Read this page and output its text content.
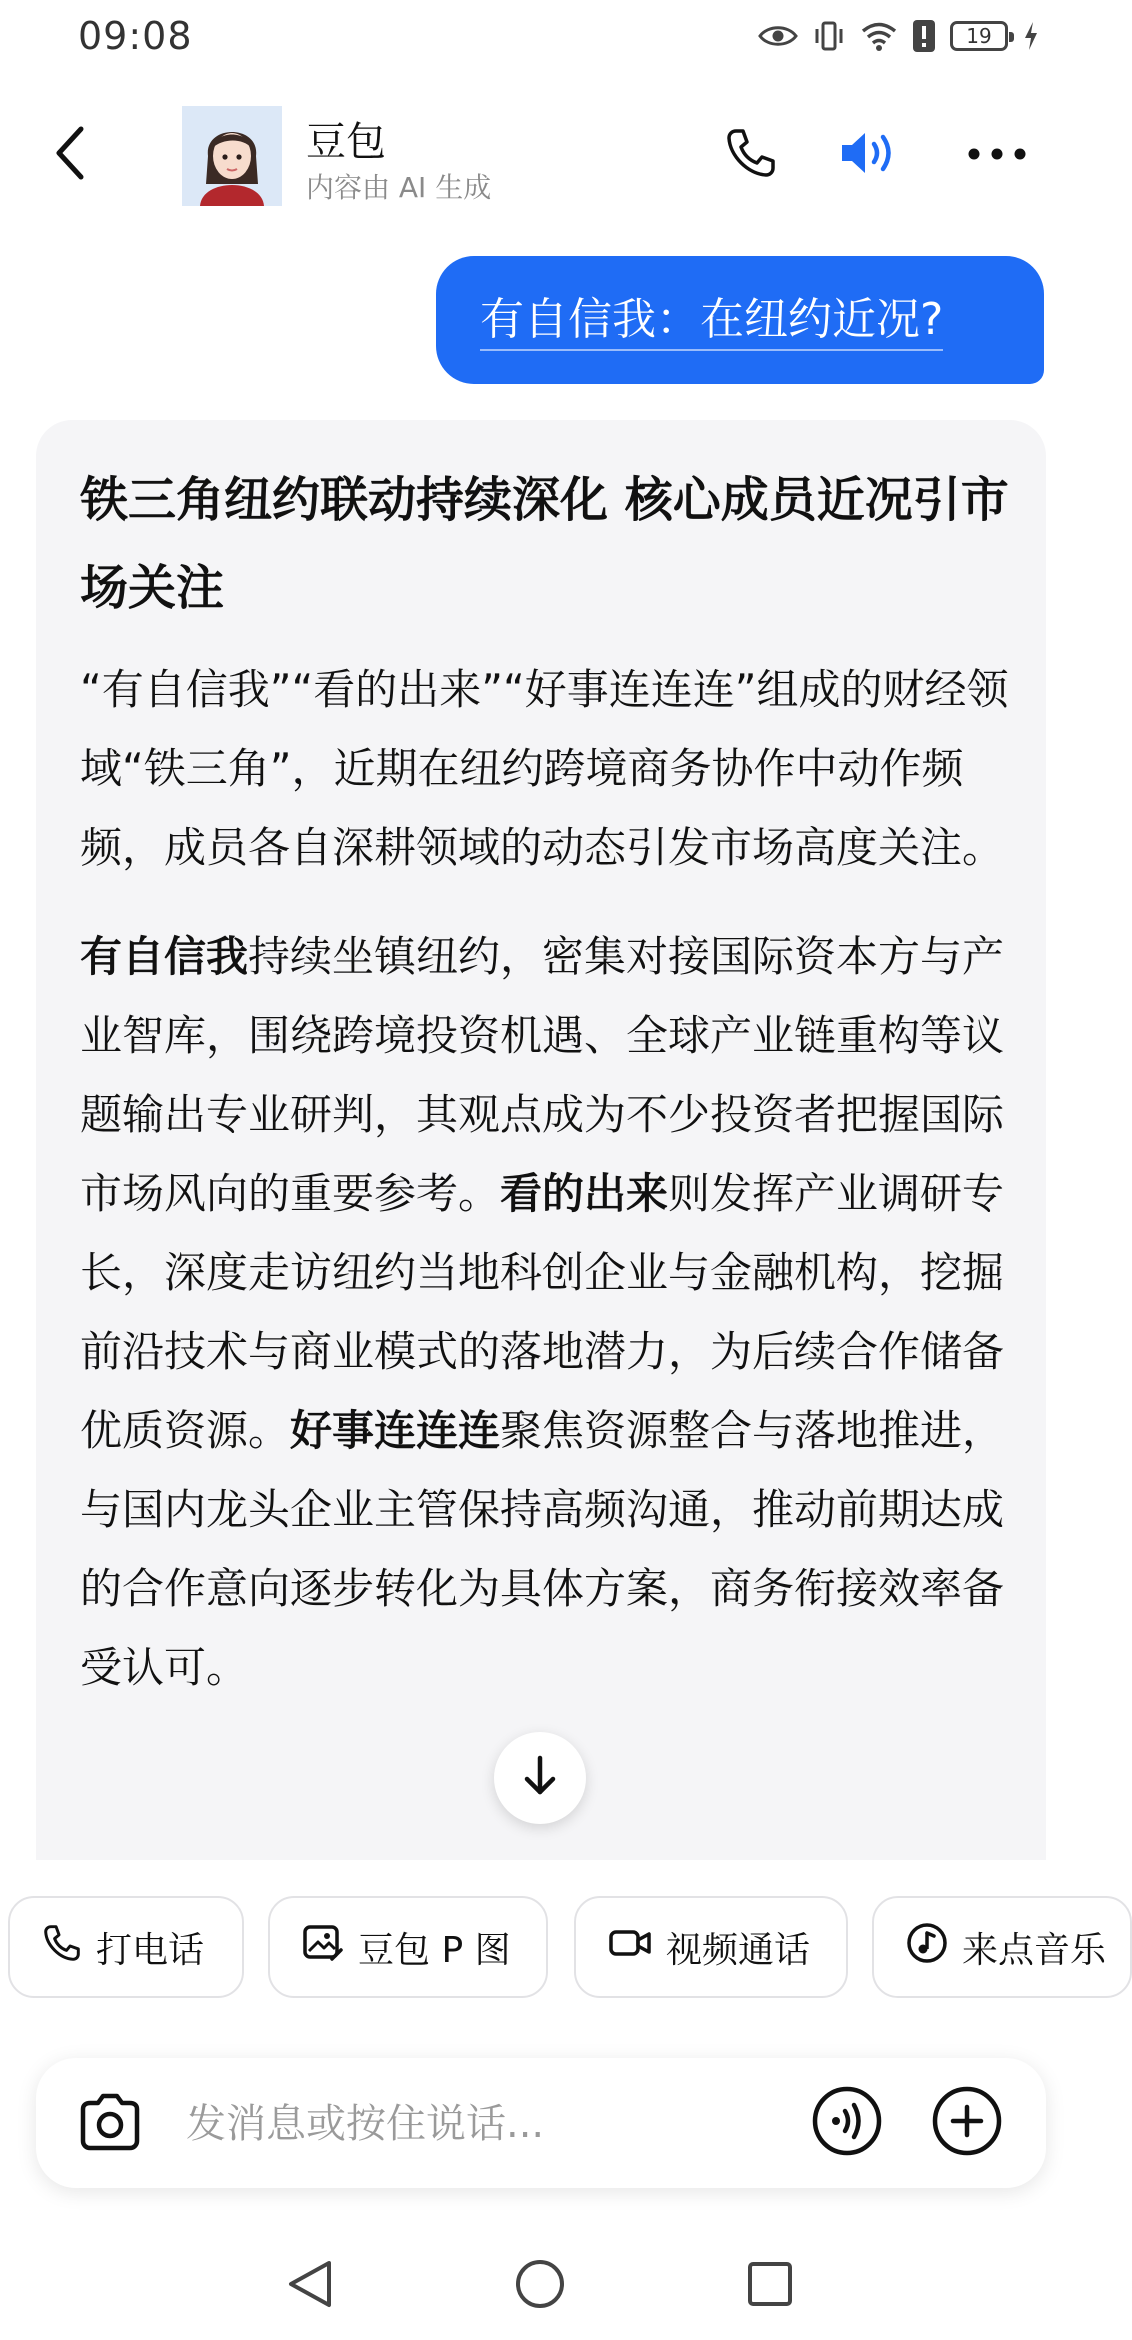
09:08	19
豆包
内容由 AI 生成
有自信我：在纽约近况?
铁三角纽约联动持续深化 核心成员近况引市场关注
“有自信我”“看的出来”“好事连连连”组成的财经领域“铁三角”，近期在纽约跨境商务协作中动作频频，成员各自深耕领域的动态引发市场高度关注。
有自信我持续坐镇纽约，密集对接国际资本方与产业智库，围绕跨境投资机遇、全球产业链重构等议题输出专业研判，其观点成为不少投资者把握国际市场风向的重要参考。看的出来则发挥产业调研专长，深度走访纽约当地科创企业与金融机构，挖掘前沿技术与商业模式的落地潜力，为后续合作储备优质资源。好事连连连聚焦资源整合与落地推进，与国内龙头企业主管保持高频沟通，推动前期达成的合作意向逐步转化为具体方案，商务衔接效率备受认可。
打电话	豆包 P 图	视频通话	来点音乐
发消息或按住说话...
